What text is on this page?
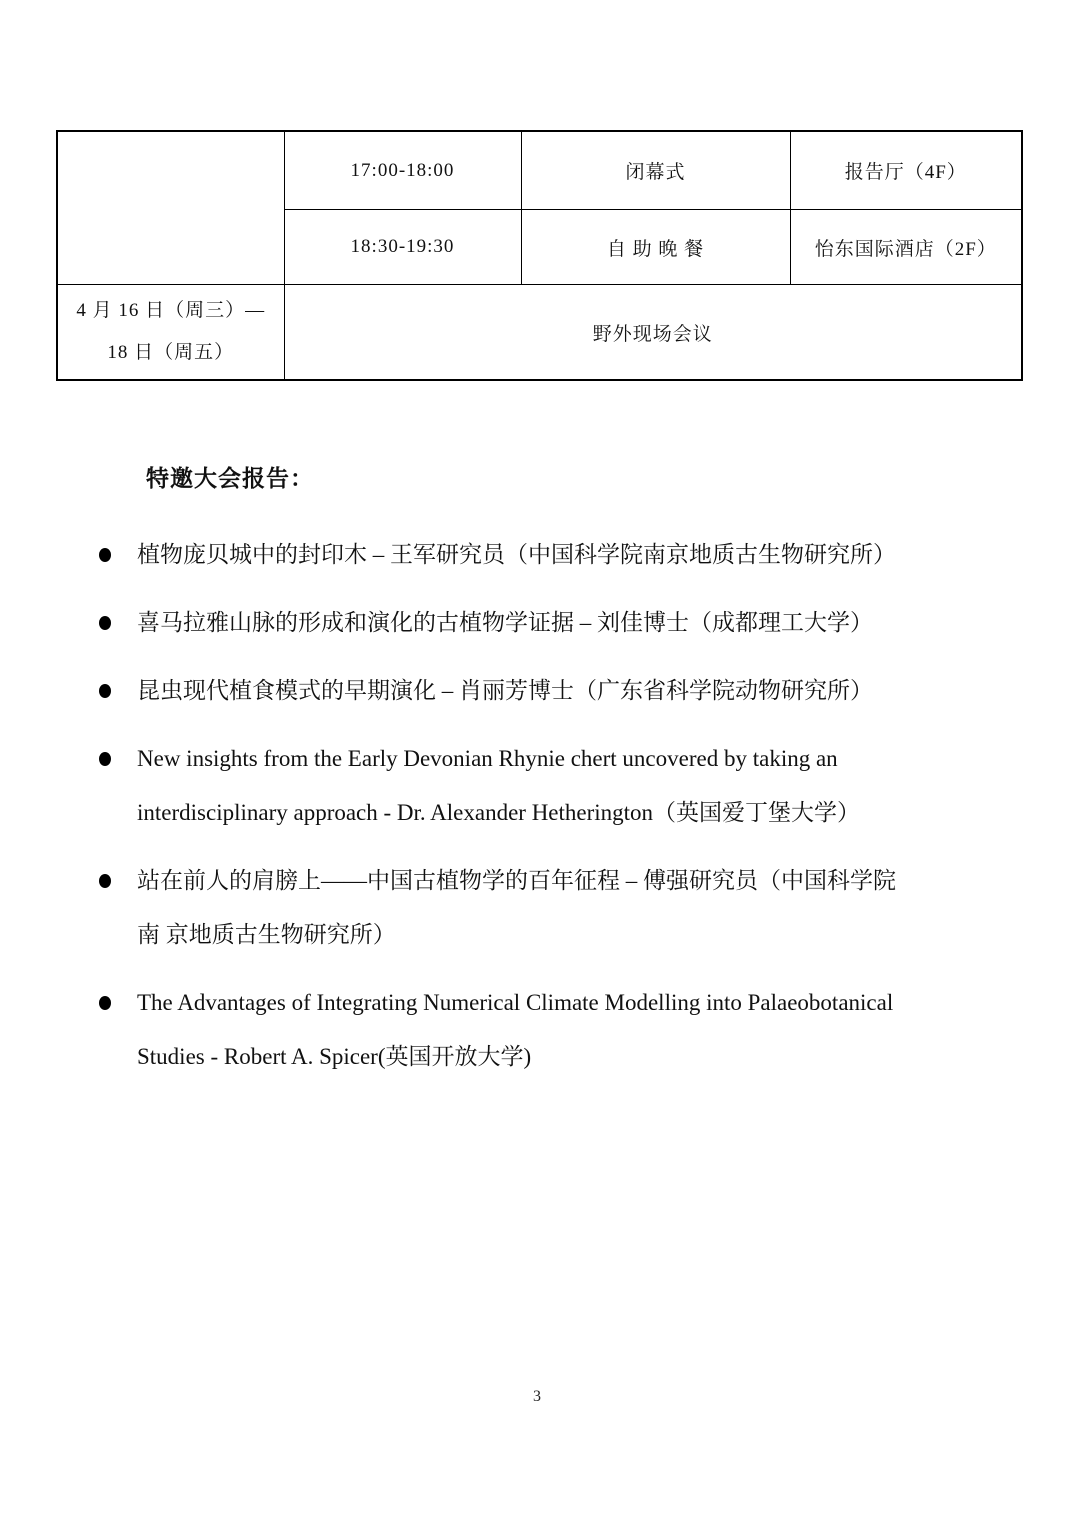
	17:00-18:00	闭幕式	报告厅（4F）
	18:30-19:30	自 助 晚 餐	怡东国际酒店（2F）

4 月 16 日（周三）—
18 日（周五）	野外现场会议		
特邀大会报告：
植物庞贝城中的封印木 – 王军研究员（中国科学院南京地质古生物研究所）
喜马拉雅山脉的形成和演化的古植物学证据 – 刘佳博士（成都理工大学）
昆虫现代植食模式的早期演化 – 肖丽芳博士（广东省科学院动物研究所）
New insights from the Early Devonian Rhynie chert uncovered by taking an
interdisciplinary approach - Dr. Alexander Hetherington（英国爱丁堡大学）
站在前人的肩膀上——中国古植物学的百年征程 – 傅强研究员（中国科学院
南 京地质古生物研究所）
The Advantages of Integrating Numerical Climate Modelling into Palaeobotanical
Studies - Robert A. Spicer(英国开放大学)
3
